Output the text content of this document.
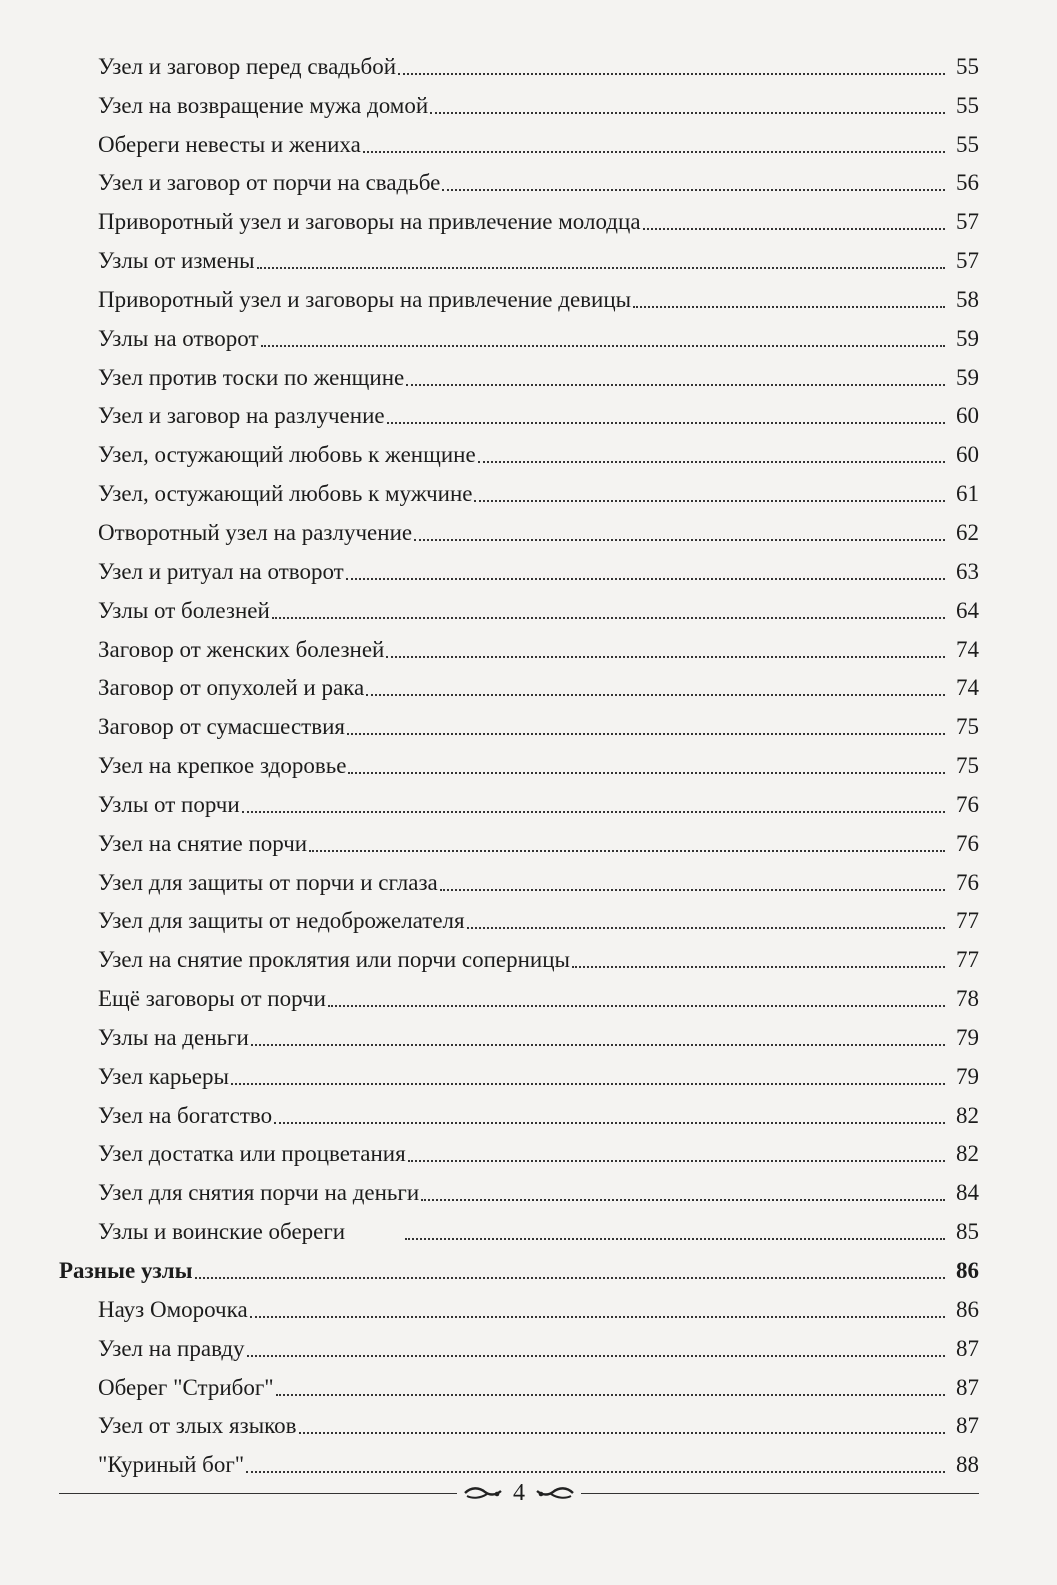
Узел и заговор перед свадьбой	55
Узел на возвращение мужа домой	55
Обереги невесты и жениха	55
Узел и заговор от порчи на свадьбе	56
Приворотный узел и заговоры на привлечение молодца	57
Узлы от измены	57
Приворотный узел и заговоры на привлечение девицы	58
Узлы на отворот	59
Узел против тоски по женщине	59
Узел и заговор на разлучение	60
Узел, остужающий любовь к женщине	60
Узел, остужающий любовь к мужчине	61
Отворотный узел на разлучение	62
Узел и ритуал на отворот	63
Узлы от болезней	64
Заговор от женских болезней	74
Заговор от опухолей и рака	74
Заговор от сумасшествия	75
Узел на крепкое здоровье	75
Узлы от порчи	76
Узел на снятие порчи	76
Узел для защиты от порчи и сглаза	76
Узел для защиты от недоброжелателя	77
Узел на снятие проклятия или порчи соперницы	77
Ещё заговоры от порчи	78
Узлы на деньги	79
Узел карьеры	79
Узел на богатство	82
Узел достатка или процветания	82
Узел для снятия порчи на деньги	84
Узлы и воинские обереги	85
Разные узлы	86
Науз Оморочка	86
Узел на правду	87
Оберег "Стрибог"	87
Узел от злых языков	87
"Куриный бог"	88
4
